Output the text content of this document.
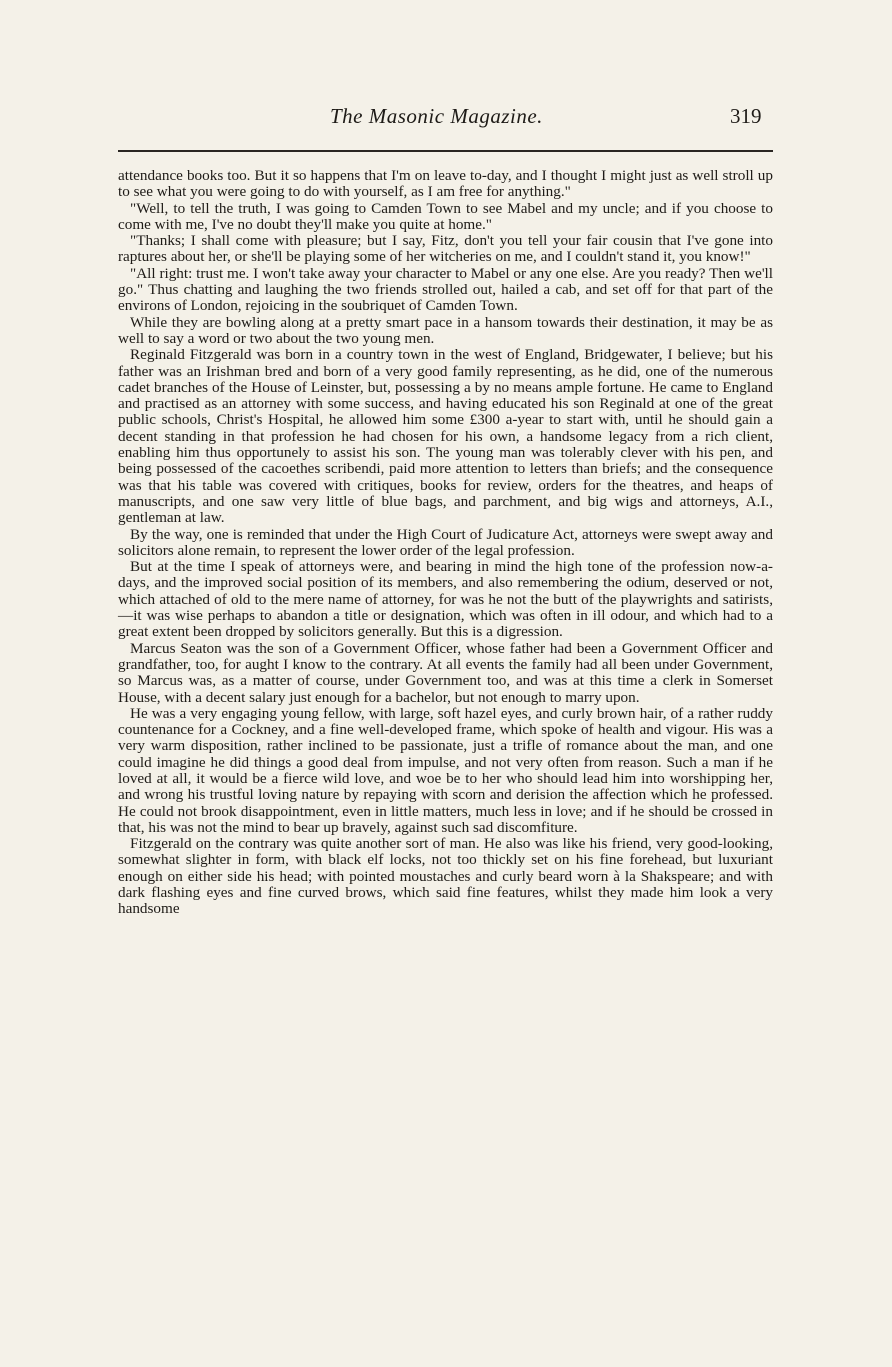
The Masonic Magazine.	319

attendance books too. But it so happens that I'm on leave to-day, and I thought I might just as well stroll up to see what you were going to do with yourself, as I am free for anything."

"Well, to tell the truth, I was going to Camden Town to see Mabel and my uncle; and if you choose to come with me, I've no doubt they'll make you quite at home."

"Thanks; I shall come with pleasure; but I say, Fitz, don't you tell your fair cousin that I've gone into raptures about her, or she'll be playing some of her witcheries on me, and I couldn't stand it, you know!"

"All right: trust me. I won't take away your character to Mabel or any one else. Are you ready? Then we'll go." Thus chatting and laughing the two friends strolled out, hailed a cab, and set off for that part of the environs of London, rejoicing in the soubriquet of Camden Town.

While they are bowling along at a pretty smart pace in a hansom towards their destination, it may be as well to say a word or two about the two young men.

Reginald Fitzgerald was born in a country town in the west of England, Bridgewater, I believe; but his father was an Irishman bred and born of a very good family representing, as he did, one of the numerous cadet branches of the House of Leinster, but, possessing a by no means ample fortune. He came to England and practised as an attorney with some success, and having educated his son Reginald at one of the great public schools, Christ's Hospital, he allowed him some £300 a-year to start with, until he should gain a decent standing in that profession he had chosen for his own, a handsome legacy from a rich client, enabling him thus opportunely to assist his son. The young man was tolerably clever with his pen, and being possessed of the cacoethes scribendi, paid more attention to letters than briefs; and the consequence was that his table was covered with critiques, books for review, orders for the theatres, and heaps of manuscripts, and one saw very little of blue bags, and parchment, and big wigs and attorneys, A.I., gentleman at law.

By the way, one is reminded that under the High Court of Judicature Act, attorneys were swept away and solicitors alone remain, to represent the lower order of the legal profession.

But at the time I speak of attorneys were, and bearing in mind the high tone of the profession now-a-days, and the improved social position of its members, and also remembering the odium, deserved or not, which attached of old to the mere name of attorney, for was he not the butt of the playwrights and satirists,—it was wise perhaps to abandon a title or designation, which was often in ill odour, and which had to a great extent been dropped by solicitors generally. But this is a digression.

Marcus Seaton was the son of a Government Officer, whose father had been a Government Officer and grandfather, too, for aught I know to the contrary. At all events the family had all been under Government, so Marcus was, as a matter of course, under Government too, and was at this time a clerk in Somerset House, with a decent salary just enough for a bachelor, but not enough to marry upon.

He was a very engaging young fellow, with large, soft hazel eyes, and curly brown hair, of a rather ruddy countenance for a Cockney, and a fine well-developed frame, which spoke of health and vigour. His was a very warm disposition, rather inclined to be passionate, just a trifle of romance about the man, and one could imagine he did things a good deal from impulse, and not very often from reason. Such a man if he loved at all, it would be a fierce wild love, and woe be to her who should lead him into worshipping her, and wrong his trustful loving nature by repaying with scorn and derision the affection which he professed. He could not brook disappointment, even in little matters, much less in love; and if he should be crossed in that, his was not the mind to bear up bravely, against such sad discomfiture.

Fitzgerald on the contrary was quite another sort of man. He also was like his friend, very good-looking, somewhat slighter in form, with black elf locks, not too thickly set on his fine forehead, but luxuriant enough on either side his head; with pointed moustaches and curly beard worn à la Shakspeare; and with dark flashing eyes and fine curved brows, which said fine features, whilst they made him look a very handsome
